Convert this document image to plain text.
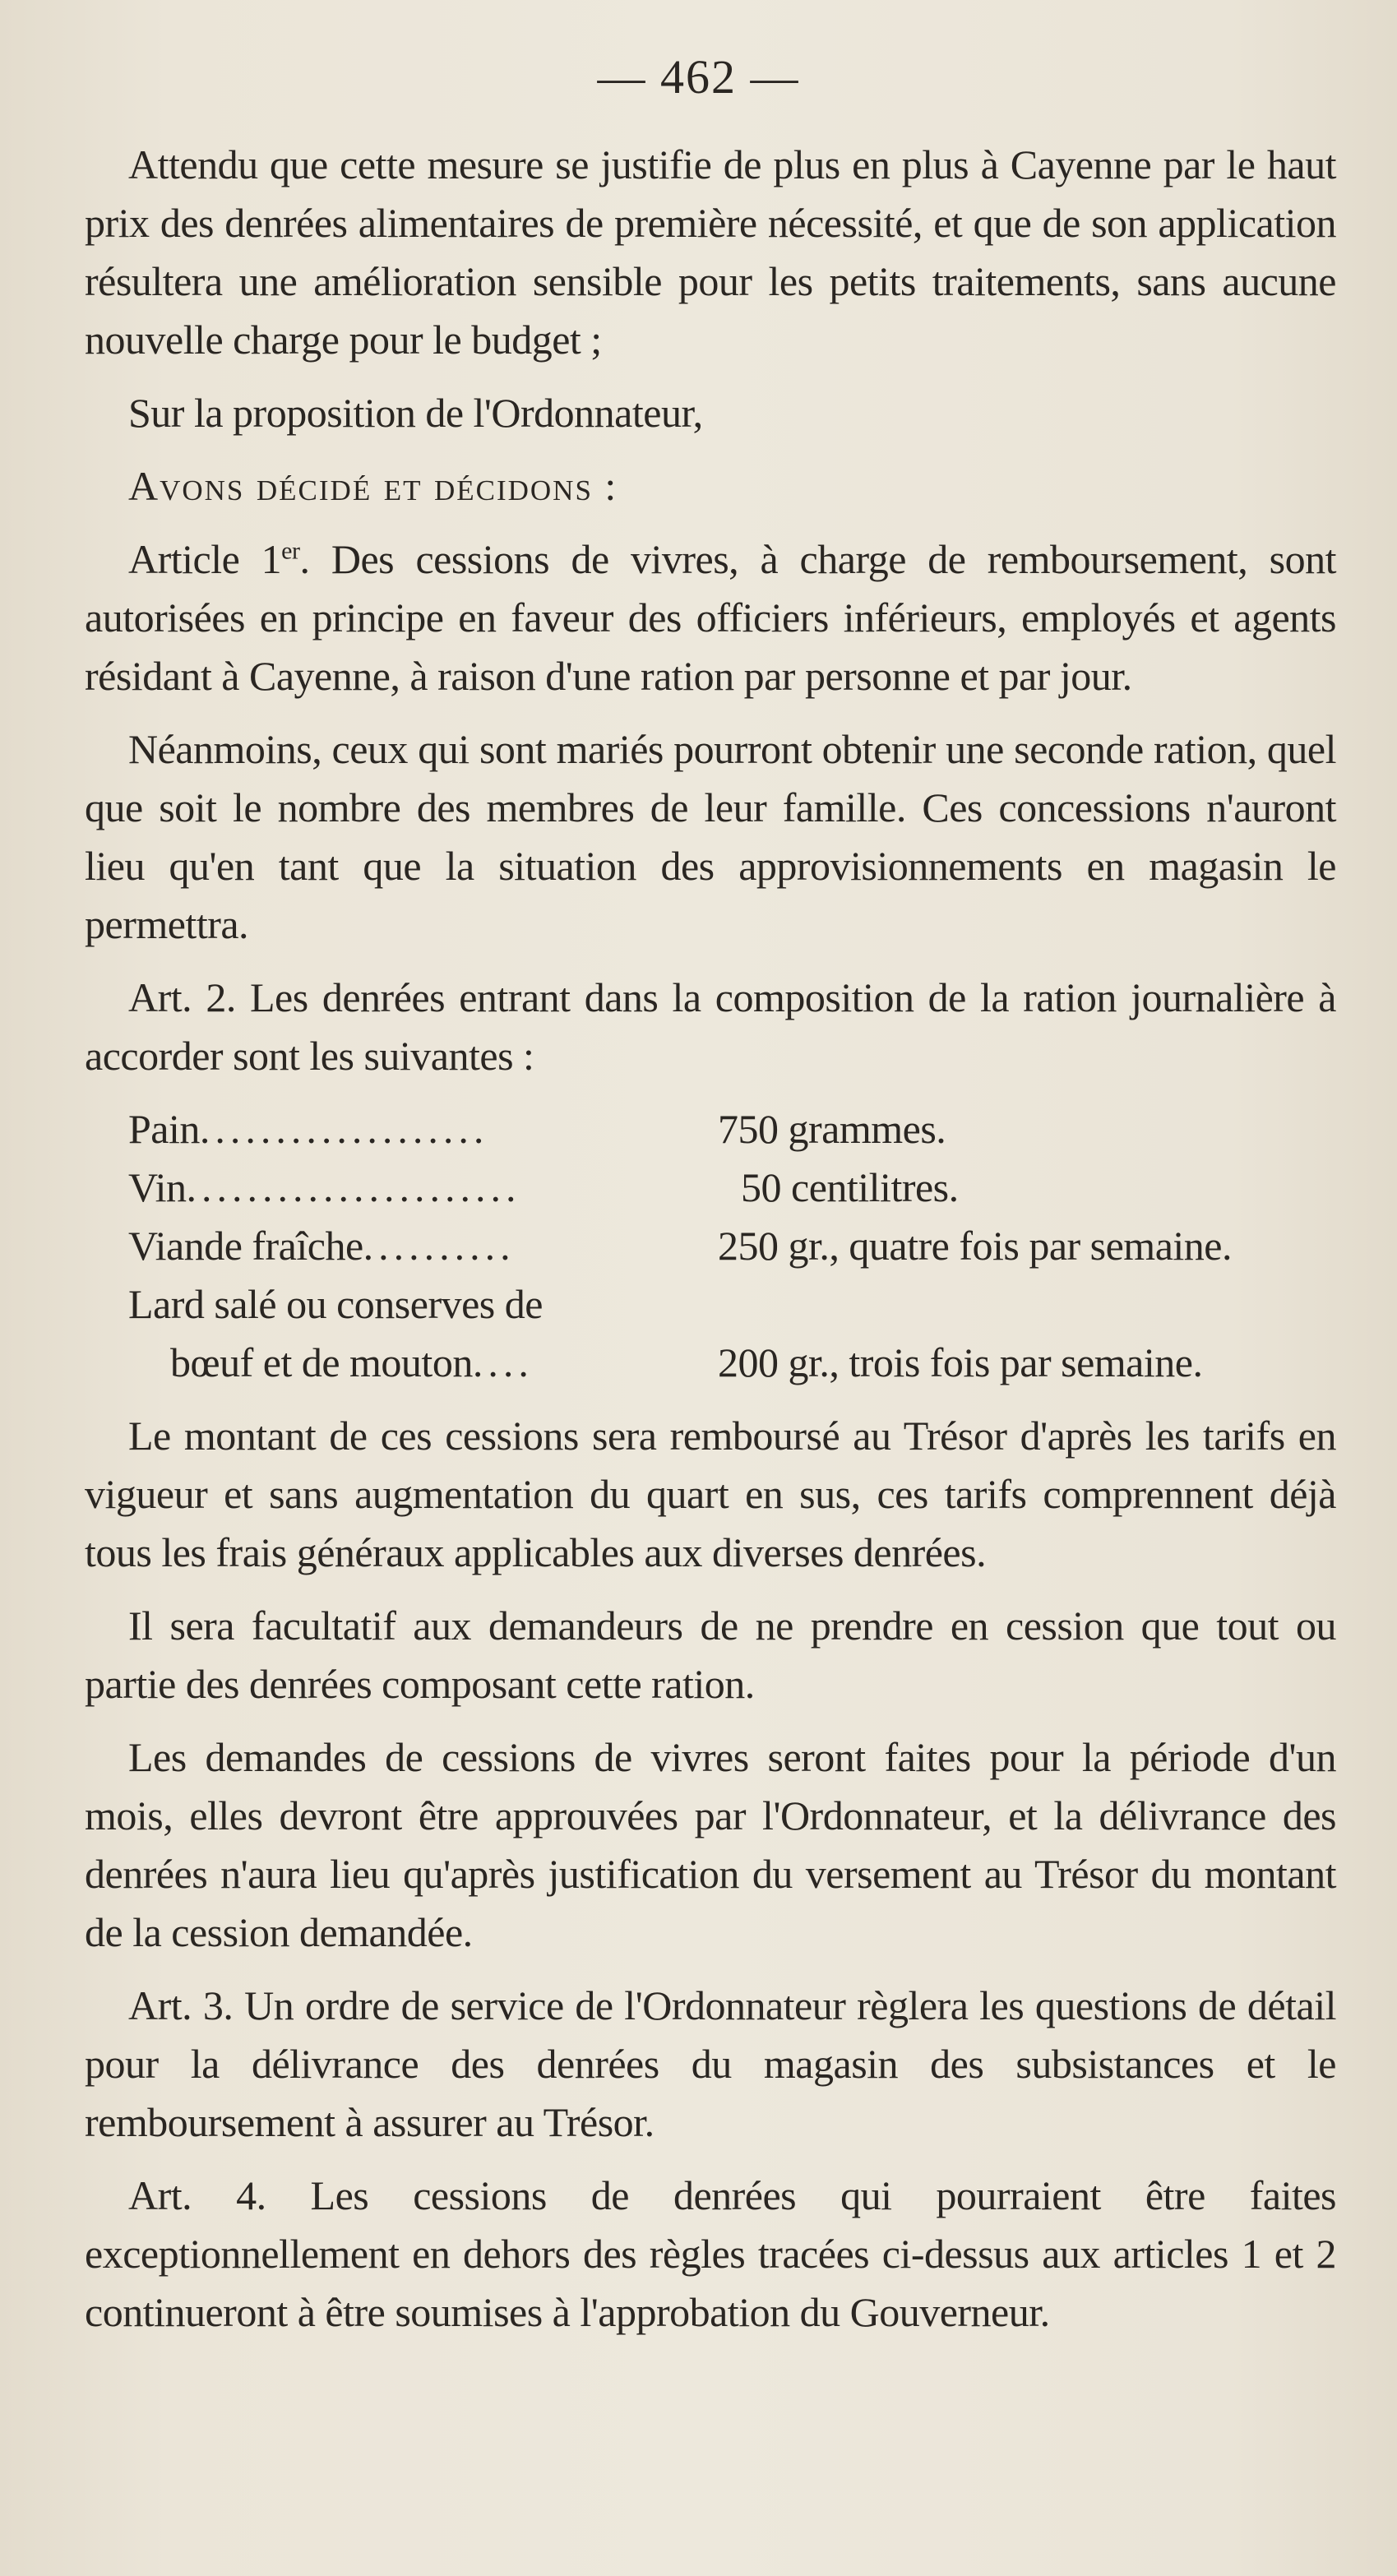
— 462 —

Attendu que cette mesure se justifie de plus en plus à Cayenne par le haut prix des denrées alimentaires de première nécessité, et que de son application résultera une amélioration sensible pour les petits traitements, sans aucune nouvelle charge pour le budget ;

Sur la proposition de l'Ordonnateur,

Avons décidé et décidons :

Article 1er. Des cessions de vivres, à charge de remboursement, sont autorisées en principe en faveur des officiers inférieurs, employés et agents résidant à Cayenne, à raison d'une ration par personne et par jour.

Néanmoins, ceux qui sont mariés pourront obtenir une seconde ration, quel que soit le nombre des membres de leur famille. Ces concessions n'auront lieu qu'en tant que la situation des approvisionnements en magasin le permettra.

Art. 2. Les denrées entrant dans la composition de la ration journalière à accorder sont les suivantes :

Pain...................	750 grammes.
Vin......................	50 centilitres.
Viande fraîche..........	250 gr., quatre fois par semaine.
Lard salé ou conserves de
bœuf et de mouton....	200 gr., trois fois par semaine.

Le montant de ces cessions sera remboursé au Trésor d'après les tarifs en vigueur et sans augmentation du quart en sus, ces tarifs comprennent déjà tous les frais généraux applicables aux diverses denrées.

Il sera facultatif aux demandeurs de ne prendre en cession que tout ou partie des denrées composant cette ration.

Les demandes de cessions de vivres seront faites pour la période d'un mois, elles devront être approuvées par l'Ordonnateur, et la délivrance des denrées n'aura lieu qu'après justification du versement au Trésor du montant de la cession demandée.

Art. 3. Un ordre de service de l'Ordonnateur règlera les questions de détail pour la délivrance des denrées du magasin des subsistances et le remboursement à assurer au Trésor.

Art. 4. Les cessions de denrées qui pourraient être faites exceptionnellement en dehors des règles tracées ci-dessus aux articles 1 et 2 continueront à être soumises à l'approbation du Gouverneur.
